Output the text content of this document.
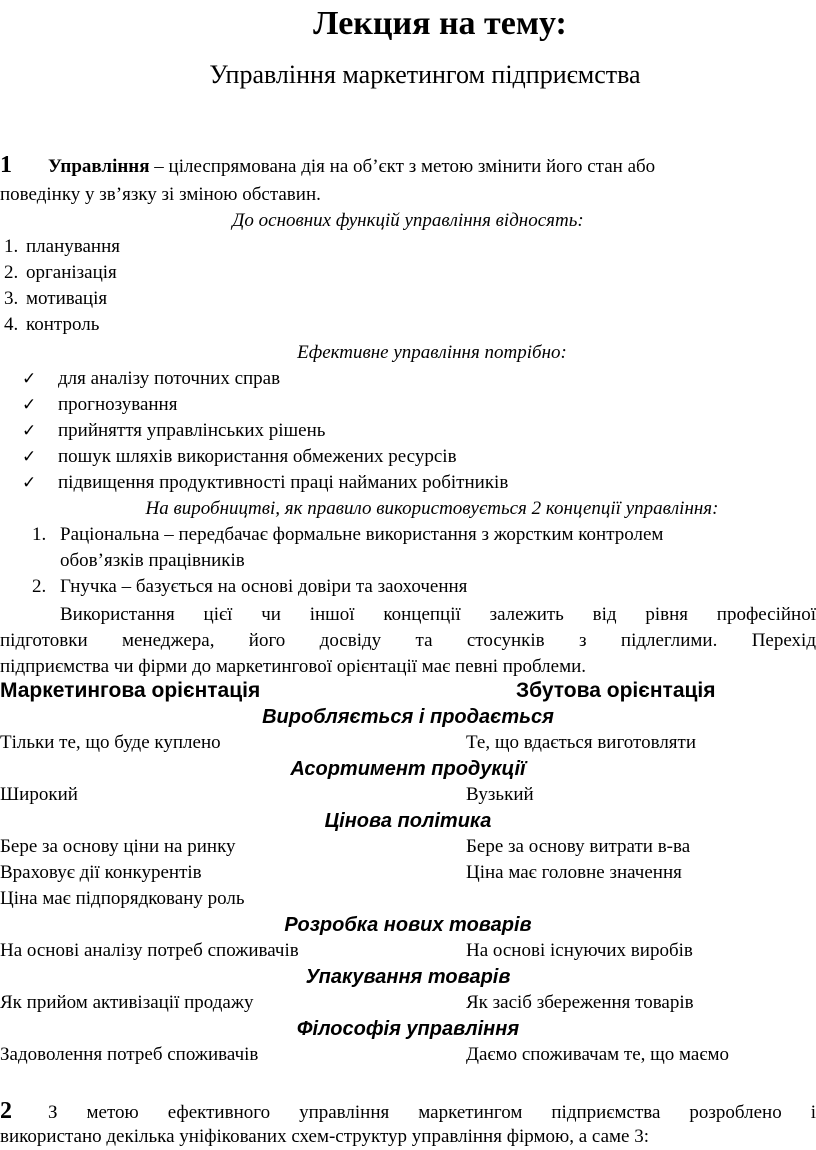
Лекция на тему:
Управління маркетингом підприємства
1 Управління – цілеспрямована дія на об’єкт з метою змінити його стан або
поведінку у зв’язку зі зміною обставин.
До основних функцій управління відносять:
1. планування
2. організація
3. мотивація
4. контроль
Ефективне управління потрібно:
✓ для аналізу поточних справ
✓ прогнозування
✓ прийняття управлінських рішень
✓ пошук шляхів використання обмежених ресурсів
✓ підвищення продуктивності праці найманих робітників
На виробництві, як правило використовується 2 концепції управління:
1. Раціональна – передбачає формальне використання з жорстким контролем
обов’язків працівників
2. Гнучка – базується на основі довіри та заохочення
Використання цієї чи іншої концепції залежить від рівня професійної
підготовки менеджера, його досвіду та стосунків з підлеглими. Перехід
підприємства чи фірми до маркетингової орієнтації має певні проблеми.
Маркетингова орієнтація	Збутова орієнтація
Виробляється і продається
Тільки те, що буде куплено	Те, що вдається виготовляти
Асортимент продукції
Широкий	Вузький
Цінова політика
Бере за основу ціни на ринку	Бере за основу витрати в-ва
Враховує дії конкурентів	Ціна має головне значення
Ціна має підпорядковану роль
Розробка нових товарів
На основі аналізу потреб споживачів	На основі існуючих виробів
Упакування товарів
Як прийом активізації продажу	Як засіб збереження товарів
Філософія управління
Задоволення потреб споживачів	Даємо споживачам те, що маємо
2 З метою ефективного управління маркетингом підприємства розроблено і
використано декілька уніфікованих схем-структур управління фірмою, а саме 3:
